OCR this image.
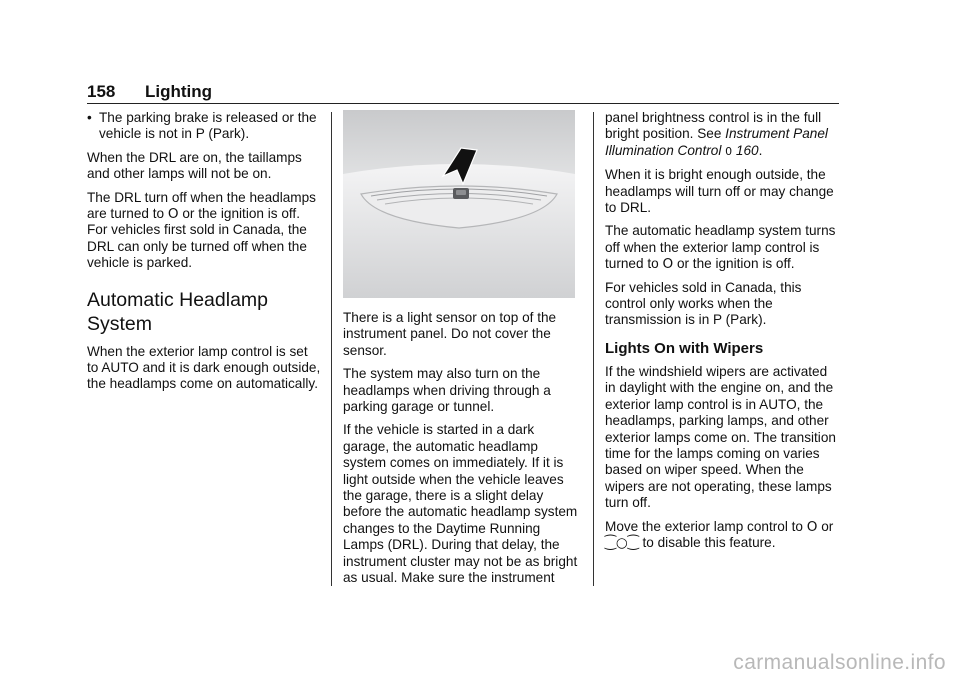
158 Lighting
• The parking brake is released or the vehicle is not in P (Park).

When the DRL are on, the taillamps and other lamps will not be on.

The DRL turn off when the headlamps are turned to O or the ignition is off. For vehicles first sold in Canada, the DRL can only be turned off when the vehicle is parked.

Automatic Headlamp
System

When the exterior lamp control is set to AUTO and it is dark enough outside, the headlamps come on automatically.

There is a light sensor on top of the instrument panel. Do not cover the sensor.

The system may also turn on the headlamps when driving through a parking garage or tunnel.

If the vehicle is started in a dark garage, the automatic headlamp system comes on immediately. If it is light outside when the vehicle leaves the garage, there is a slight delay before the automatic headlamp system changes to the Daytime Running Lamps (DRL). During that delay, the instrument cluster may not be as bright as usual. Make sure the instrument

panel brightness control is in the full bright position. See Instrument Panel Illumination Control 0 160.

When it is bright enough outside, the headlamps will turn off or may change to DRL.

The automatic headlamp system turns off when the exterior lamp control is turned to O or the ignition is off.

For vehicles sold in Canada, this control only works when the transmission is in P (Park).

Lights On with Wipers

If the windshield wipers are activated in daylight with the engine on, and the exterior lamp control is in AUTO, the headlamps, parking lamps, and other exterior lamps come on. The transition time for the lamps coming on varies based on wiper speed. When the wipers are not operating, these lamps turn off.

Move the exterior lamp control to O or ⁐○⁐ to disable this feature.

carmanualsonline.info
